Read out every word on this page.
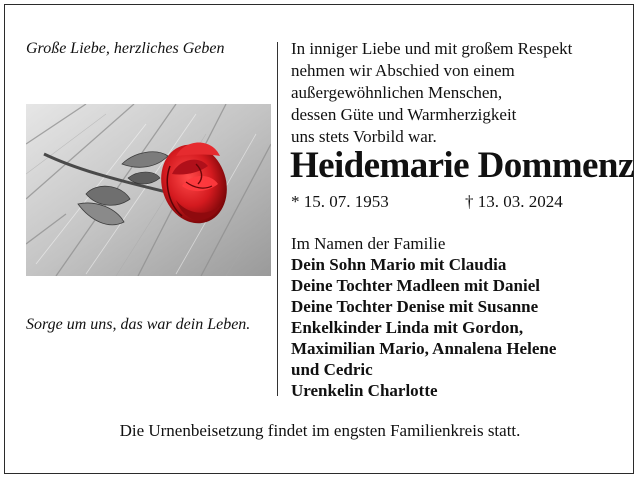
Große Liebe, herzliches Geben
Sorge um uns, das war dein Leben.
In inniger Liebe und mit großem Respekt
nehmen wir Abschied von einem
außergewöhnlichen Menschen,
dessen Güte und Warmherzigkeit
uns stets Vorbild war.
Heidemarie Dommenz
* 15. 07. 1953	† 13. 03. 2024
Im Namen der Familie
Dein Sohn Mario mit Claudia
Deine Tochter Madleen mit Daniel
Deine Tochter Denise mit Susanne
Enkelkinder Linda mit Gordon,
Maximilian Mario, Annalena Helene
und Cedric
Urenkelin Charlotte
Die Urnenbeisetzung findet im engsten Familienkreis statt.
